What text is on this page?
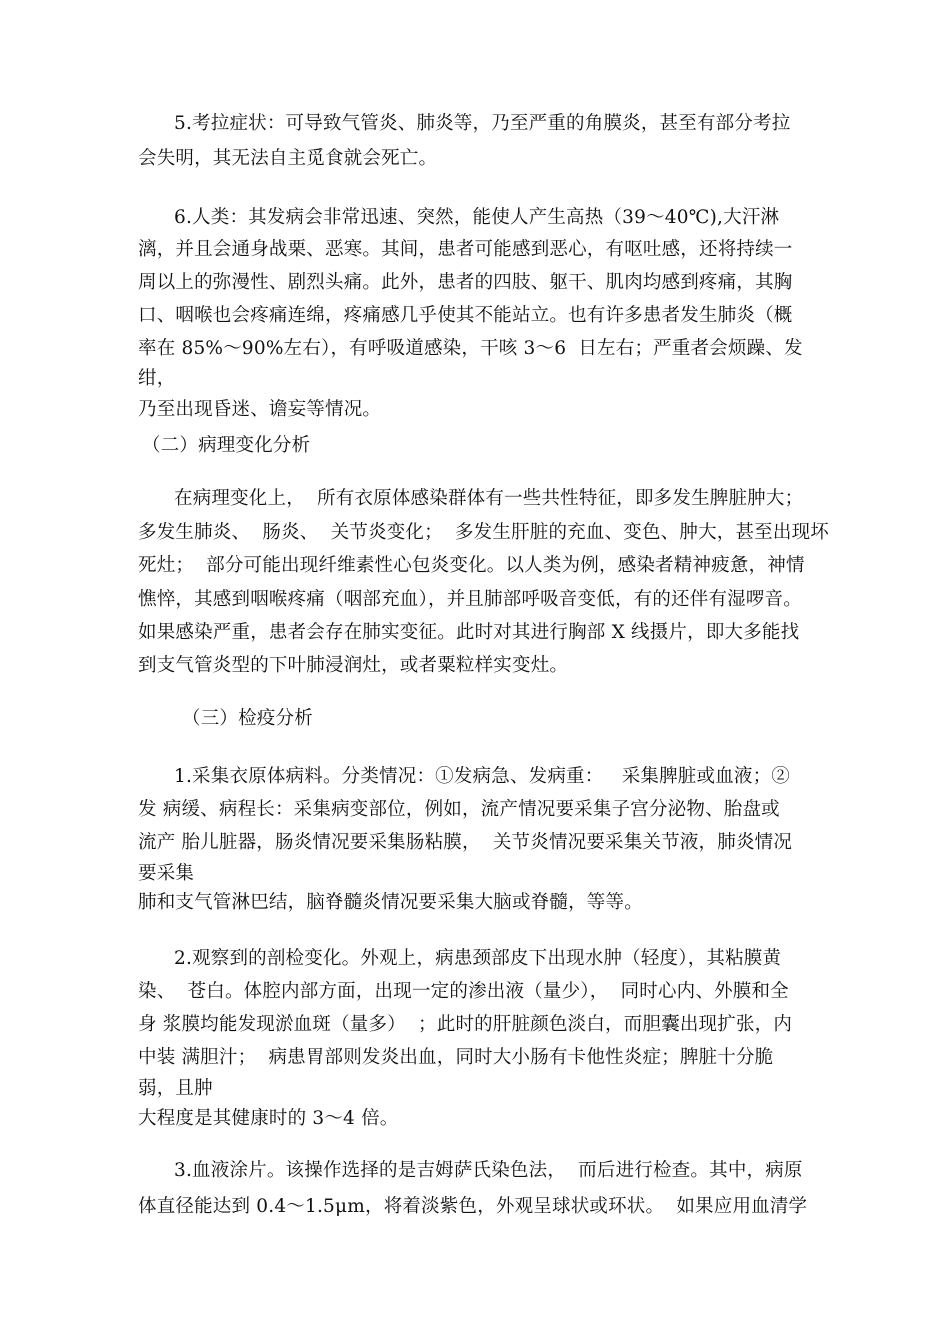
5.考拉症状：可导致气管炎、肺炎等，乃至严重的角膜炎，甚至有部分考拉
会失明，其无法自主觅食就会死亡。
6.人类：其发病会非常迅速、突然，能使人产生高热（39～40℃),大汗淋
漓，并且会通身战栗、恶寒。其间，患者可能感到恶心，有呕吐感，还将持续一
周以上的弥漫性、剧烈头痛。此外，患者的四肢、躯干、肌肉均感到疼痛，其胸
口、咽喉也会疼痛连绵，疼痛感几乎使其不能站立。也有许多患者发生肺炎（概
率在 85%～90%左右），有呼吸道感染，干咳 3～6  日左右；严重者会烦躁、发
绀，
乃至出现昏迷、谵妄等情况。
（二）病理变化分析
在病理变化上，  所有衣原体感染群体有一些共性特征，即多发生脾脏肿大；
多发生肺炎、  肠炎、  关节炎变化；  多发生肝脏的充血、变色、肿大，甚至出现坏
死灶；  部分可能出现纤维素性心包炎变化。以人类为例，感染者精神疲惫，神情
憔悴，其感到咽喉疼痛（咽部充血），并且肺部呼吸音变低，有的还伴有湿啰音。
如果感染严重，患者会存在肺实变征。此时对其进行胸部 X 线摄片，即大多能找
到支气管炎型的下叶肺浸润灶，或者粟粒样实变灶。
（三）检疫分析
1.采集衣原体病料。分类情况：①发病急、发病重：   采集脾脏或血液；②
发 病缓、病程长：采集病变部位，例如，流产情况要采集子宫分泌物、胎盘或
流产 胎儿脏器，肠炎情况要采集肠粘膜，  关节炎情况要采集关节液，肺炎情况
要采集
肺和支气管淋巴结，脑脊髓炎情况要采集大脑或脊髓，等等。
2.观察到的剖检变化。外观上，病患颈部皮下出现水肿（轻度），其粘膜黄
染、  苍白。体腔内部方面，出现一定的渗出液（量少），  同时心内、外膜和全
身 浆膜均能发现淤血斑（量多）  ；此时的肝脏颜色淡白，而胆囊出现扩张，内
中装 满胆汁；  病患胃部则发炎出血，同时大小肠有卡他性炎症；脾脏十分脆
弱，且肿
大程度是其健康时的 3～4 倍。
3.血液涂片。该操作选择的是吉姆萨氏染色法，  而后进行检查。其中，病原
体直径能达到 0.4～1.5μm，将着淡紫色，外观呈球状或环状。  如果应用血清学
